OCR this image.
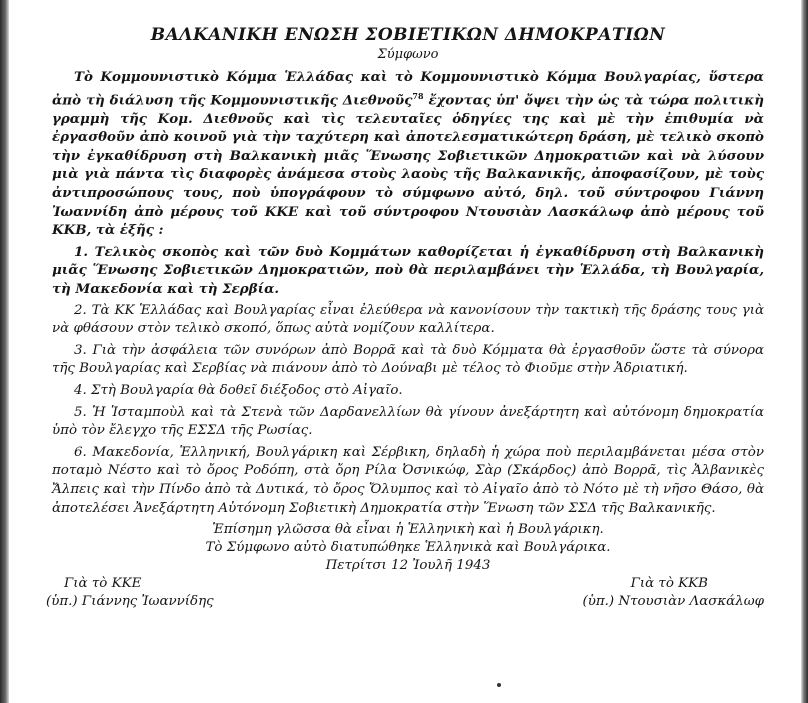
ΒΑΛΚΑΝΙΚΗ ΕΝΩΣΗ ΣΟΒΙΕΤΙΚΩΝ ΔΗΜΟΚΡΑΤΙΩΝ

Σύμφωνο

Τὸ Κομμουνιστικὸ Κόμμα Ἑλλάδας καὶ τὸ Κομμουνιστικὸ Κόμμα Βουλγαρίας, ὕστερα ἀπὸ τὴ διάλυση τῆς Κομμουνιστικῆς Διεθνοῦς$^{78}$ ἔχοντας ὑπ' ὄψει τὴν ὡς τὰ τώρα πολιτικὴ γραμμὴ τῆς Κομ. Διεθνοῦς καὶ τὶς τελευταῖες ὁδηγίες της καὶ μὲ τὴν ἐπιθυμία νὰ ἐργασθοῦν ἀπὸ κοινοῦ γιὰ τὴν ταχύτερη καὶ ἀποτελεσματικώτερη δράση, μὲ τελικὸ σκοπὸ τὴν ἐγκαθίδρυση στὴ Βαλκανικὴ μιᾶς Ἕνωσης Σοβιετικῶν Δημοκρατιῶν καὶ νὰ λύσουν μιὰ γιὰ πάντα τὶς διαφορὲς ἀνάμεσα στοὺς λαοὺς τῆς Βαλκανικῆς, ἀποφασίζουν, μὲ τοὺς ἀντιπροσώπους τους, ποὺ ὑπογράφουν τὸ σύμφωνο αὐτό, δηλ. τοῦ σύντροφου Γιάννη Ἰωαννίδη ἀπὸ μέρους τοῦ ΚΚΕ καὶ τοῦ σύντροφου Ντουσιὰν Λασκάλωφ ἀπὸ μέρους τοῦ ΚΚΒ, τὰ ἑξῆς :

1. Τελικὸς σκοπὸς καὶ τῶν δυὸ Κομμάτων καθορίζεται ἡ ἐγκαθίδρυση στὴ Βαλκανικὴ μιᾶς Ἕνωσης Σοβιετικῶν Δημοκρατιῶν, ποὺ θὰ περιλαμβάνει τὴν Ἑλλάδα, τὴ Βουλγαρία, τὴ Μακεδονία καὶ τὴ Σερβία.

2. Τὰ ΚΚ Ἑλλάδας καὶ Βουλγαρίας εἶναι ἐλεύθερα νὰ κανονίσουν τὴν τακτικὴ τῆς δράσης τους γιὰ νὰ φθάσουν στὸν τελικὸ σκοπό, ὅπως αὐτὰ νομίζουν καλλίτερα.

3. Γιὰ τὴν ἀσφάλεια τῶν συνόρων ἀπὸ Βορρᾶ καὶ τὰ δυὸ Κόμματα θὰ ἐργασθοῦν ὥστε τὰ σύνορα τῆς Βουλγαρίας καὶ Σερβίας νὰ πιάνουν ἀπὸ τὸ Δούναβι μὲ τέλος τὸ Φιοῦμε στὴν Ἀδριατική.

4. Στὴ Βουλγαρία θὰ δοθεῖ διέξοδος στὸ Αἰγαῖο.

5. Ἡ Ἰσταμποὺλ καὶ τὰ Στενὰ τῶν Δαρδανελλίων θὰ γίνουν ἀνεξάρτητη καὶ αὐτόνομη δημοκρατία ὑπὸ τὸν ἔλεγχο τῆς ΕΣΣΔ τῆς Ρωσίας.

6. Μακεδονία, Ἑλληνική, Βουλγάρικη καὶ Σέρβικη, δηλαδὴ ἡ χώρα ποὺ περιλαμβάνεται μέσα στὸν ποταμὸ Νέστο καὶ τὸ ὄρος Ροδόπη, στὰ ὄρη Ρίλα Ὀσνικώφ, Σὰρ (Σκάρδος) ἀπὸ Βορρᾶ, τὶς Ἀλβανικὲς Ἄλπεις καὶ τὴν Πίνδο ἀπὸ τὰ Δυτικά, τὸ ὄρος Ὄλυμπος καὶ τὸ Αἰγαῖο ἀπὸ τὸ Νότο μὲ τὴ νῆσο Θάσο, θὰ ἀποτελέσει Ἀνεξάρτητη Αὐτόνομη Σοβιετικὴ Δημοκρατία στὴν Ἕνωση τῶν ΣΣΔ τῆς Βαλκανικῆς.

Ἐπίσημη γλῶσσα θὰ εἶναι ἡ Ἑλληνικὴ καὶ ἡ Βουλγάρικη.

Τὸ Σύμφωνο αὐτὸ διατυπώθηκε Ἑλληνικὰ καὶ Βουλγάρικα.

Πετρίτσι 12 Ἰουλῆ 1943

Γιὰ τὸ ΚΚΕ	Γιὰ τὸ ΚΚΒ
(ὑπ.) Γιάννης Ἰωαννίδης	(ὑπ.) Ντουσιὰν Λασκάλωφ
